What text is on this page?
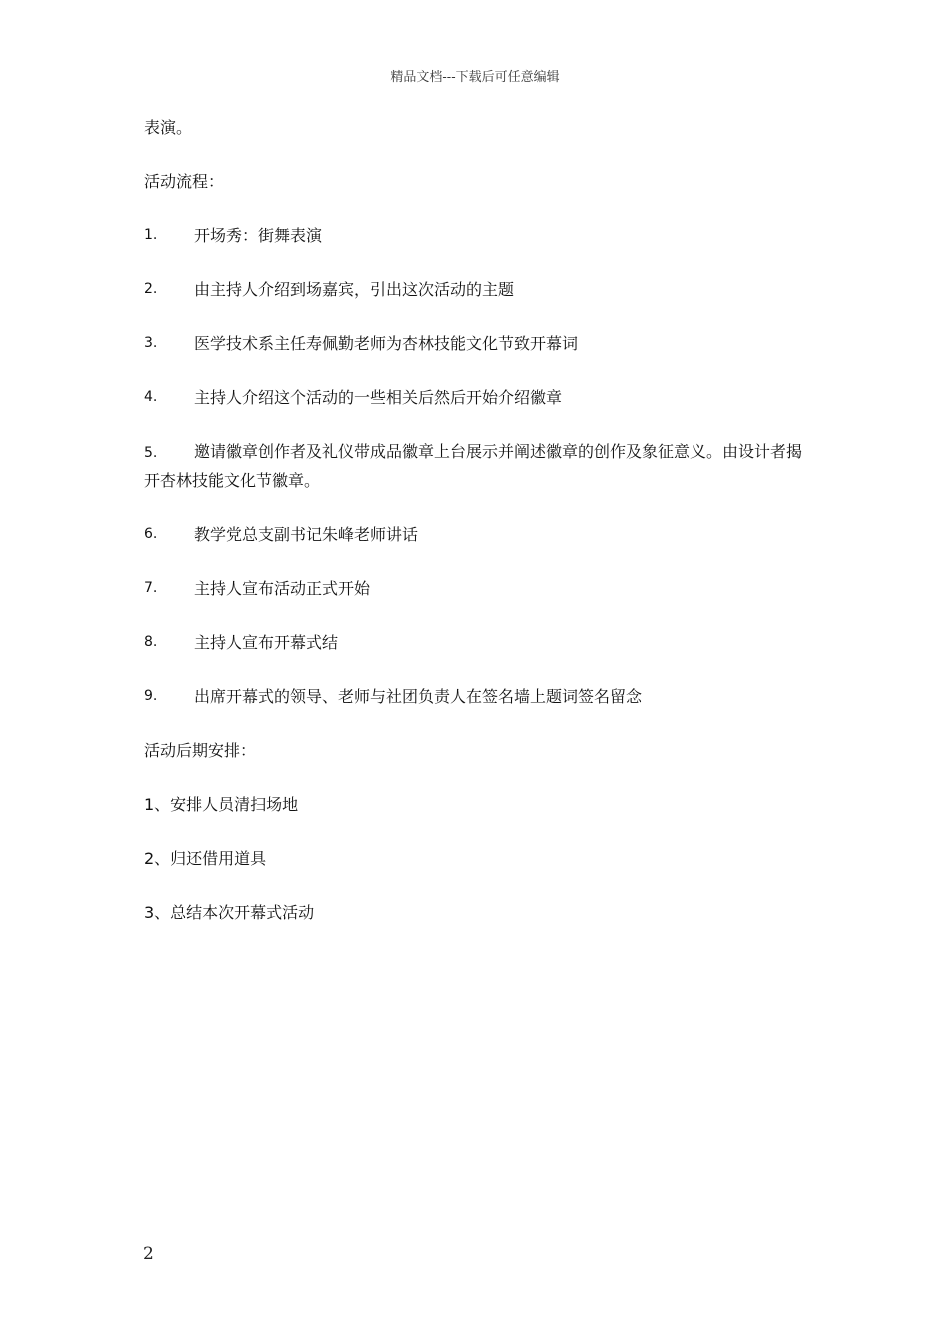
精品文档---下载后可任意编辑
表演。
活动流程：
1.	开场秀：街舞表演
2.	由主持人介绍到场嘉宾，引出这次活动的主题
3.	医学技术系主任寿佩勤老师为杏林技能文化节致开幕词
4.	主持人介绍这个活动的一些相关后然后开始介绍徽章
5. 邀请徽章创作者及礼仪带成品徽章上台展示并阐述徽章的创作及象征意义。由设计者揭开杏林技能文化节徽章。
6.	教学党总支副书记朱峰老师讲话
7.	主持人宣布活动正式开始
8.	主持人宣布开幕式结
9.	出席开幕式的领导、老师与社团负责人在签名墙上题词签名留念
活动后期安排：
1、安排人员清扫场地
2、归还借用道具
3、总结本次开幕式活动
2
